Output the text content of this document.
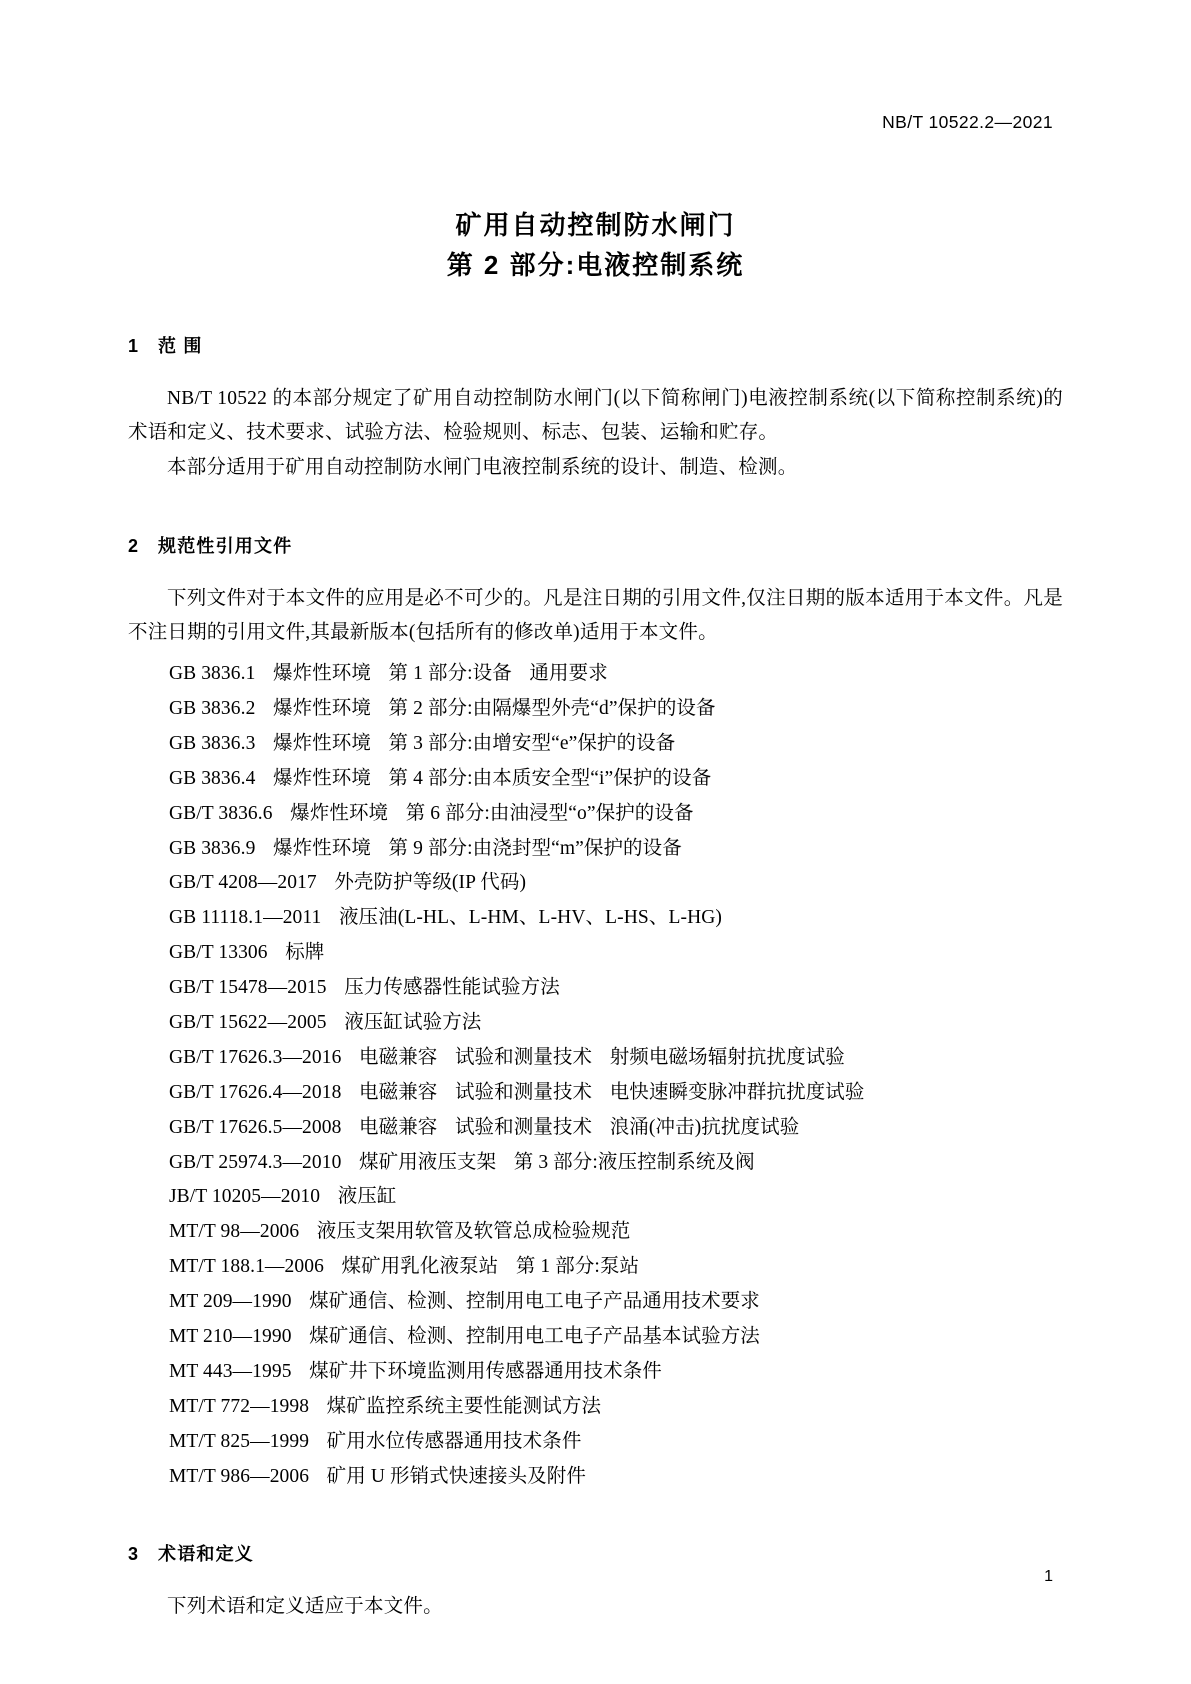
NB/T 10522.2—2021
矿用自动控制防水闸门
第 2 部分:电液控制系统
1 范 围

NB/T 10522 的本部分规定了矿用自动控制防水闸门(以下简称闸门)电液控制系统(以下简称控制系统)的术语和定义、技术要求、试验方法、检验规则、标志、包装、运输和贮存。

本部分适用于矿用自动控制防水闸门电液控制系统的设计、制造、检测。

2 规范性引用文件

下列文件对于本文件的应用是必不可少的。凡是注日期的引用文件,仅注日期的版本适用于本文件。凡是不注日期的引用文件,其最新版本(包括所有的修改单)适用于本文件。

GB 3836.1 爆炸性环境 第 1 部分:设备 通用要求
GB 3836.2 爆炸性环境 第 2 部分:由隔爆型外壳“d”保护的设备
GB 3836.3 爆炸性环境 第 3 部分:由增安型“e”保护的设备
GB 3836.4 爆炸性环境 第 4 部分:由本质安全型“i”保护的设备
GB/T 3836.6 爆炸性环境 第 6 部分:由油浸型“o”保护的设备
GB 3836.9 爆炸性环境 第 9 部分:由浇封型“m”保护的设备
GB/T 4208—2017 外壳防护等级(IP 代码)
GB 11118.1—2011 液压油(L-HL、L-HM、L-HV、L-HS、L-HG)
GB/T 13306 标牌
GB/T 15478—2015 压力传感器性能试验方法
GB/T 15622—2005 液压缸试验方法
GB/T 17626.3—2016 电磁兼容 试验和测量技术 射频电磁场辐射抗扰度试验
GB/T 17626.4—2018 电磁兼容 试验和测量技术 电快速瞬变脉冲群抗扰度试验
GB/T 17626.5—2008 电磁兼容 试验和测量技术 浪涌(冲击)抗扰度试验
GB/T 25974.3—2010 煤矿用液压支架 第 3 部分:液压控制系统及阀
JB/T 10205—2010 液压缸
MT/T 98—2006 液压支架用软管及软管总成检验规范
MT/T 188.1—2006 煤矿用乳化液泵站 第 1 部分:泵站
MT 209—1990 煤矿通信、检测、控制用电工电子产品通用技术要求
MT 210—1990 煤矿通信、检测、控制用电工电子产品基本试验方法
MT 443—1995 煤矿井下环境监测用传感器通用技术条件
MT/T 772—1998 煤矿监控系统主要性能测试方法
MT/T 825—1999 矿用水位传感器通用技术条件
MT/T 986—2006 矿用 U 形销式快速接头及附件
3 术语和定义

下列术语和定义适应于本文件。

1
